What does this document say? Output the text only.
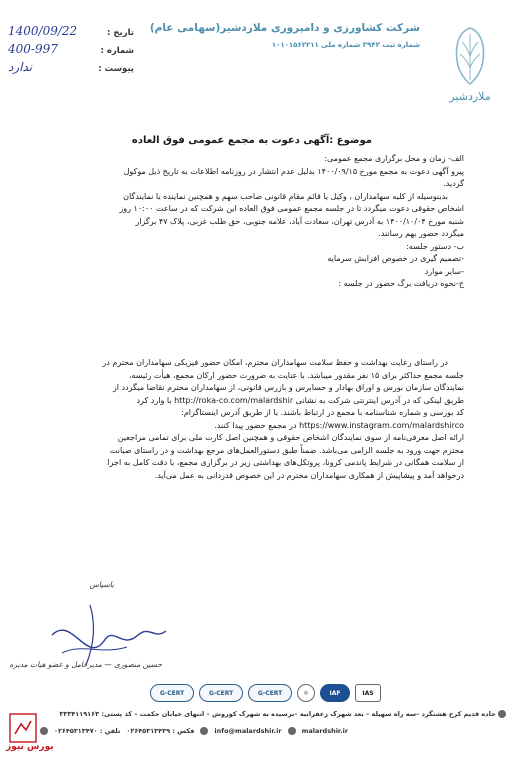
ملاردشیر
شرکت کشاورزی و دامپروری ملاردشیر(سهامی عام)
شماره ثبت ۳۹۴۳ شماره ملی ۱۰۱۰۱۵۶۲۲۱۱
تاریخ :
1400/09/22
شماره :
400-997
پیوست :
ندارد
موضوع :آگهی دعوت به مجمع عمومی فوق العاده
الف- زمان و محل برگزاری مجمع عمومی:
پیرو آگهی دعوت به مجمع مورخ ۱۴۰۰/۰۹/۱۵ بدلیل عدم انتشار در روزنامه اطلاعات به تاریخ ذیل موکول
گردید.
بدینوسیله از کلیه سهامداران ، وکیل یا قائم مقام قانونی صاحب سهم و همچنین نماینده یا نمایندگان
اشخاص حقوقی دعوت میگردد تا در جلسه مجمع عمومی فوق العاده این شرکت که در ساعت ۱۰:۰۰ روز
شنبه مورخ ۱۴۰۰/۱۰/۰۴ به آدرس تهران، سعادت آباد، علامه جنوبی، حق طلب غربی، پلاک ۴۷ برگزار
میگردد حضور بهم رسانند.
ب- دستور جلسه:
-تصمیم گیری در خصوص افزایش سرمایه
-سایر موارد
ج-نحوه دریافت برگ حضور در جلسه :
در راستای رعایت بهداشت و حفظ سلامت سهامداران محترم، امکان حضور فیزیکی سهامداران محترم در
جلسه مجمع حداکثر برای ۱۵ نفر مقدور میباشد. با عنایت به ضرورت حضور ارکان مجمع، هیأت رئیسه،
نمایندگان سازمان بورس و اوراق بهادار و حسابرس و بازرس قانونی، از سهامداران محترم تقاضا میگردد از
طریق لینکی که در آدرس اینترنتی شرکت به نشانی http://roka-co.com/malardshir با وارد کرد
کد بورسی و شماره شناسنامه با مجمع در ارتباط باشند. یا از طریق آدرس اینستاگرام:
https://www.instagram.com/malardshirco در مجمع حضور پیدا کنند.
ارائه اصل معرفی‌نامه از سوی نمایندگان اشخاص حقوقی و همچنین اصل کارت ملی برای تمامی مراجعین
محترم جهت ورود به جلسه الزامی می‌باشد. ضمناً طبق دستورالعمل‌های مرجع بهداشت و در راستای صیانت
از سلامت همگانی در شرایط پاندمی کرونا، پروتکل‌های بهداشتی زیر در برگزاری مجمع، با دقت کامل به اجرا
درخواهد آمد و پیشاپیش از همکاری سهامداران محترم در این خصوص قدردانی به عمل می‌آید.
باسپاس
حسین منصوری — مدیرعامل و عضو هیات مدیره
G-CERT	G-CERT	G-CERT	◎	IAF	IAS
جاده قدیم کرج هشتگرد –سه راه سهیله – بعد شهرک زعفرانیه –نرسیده به شهرک کوروش – انتهای خیابان حکمت – کد پستی: ۳۳۳۴۱۱۹۱۶۳
تلفن : ۰۲۶۴۵۳۱۳۴۷۰ فکس : ۰۲۶۴۵۳۱۳۴۳۹	info@malardshir.ir	malardshir.ir
بورس نیوز
